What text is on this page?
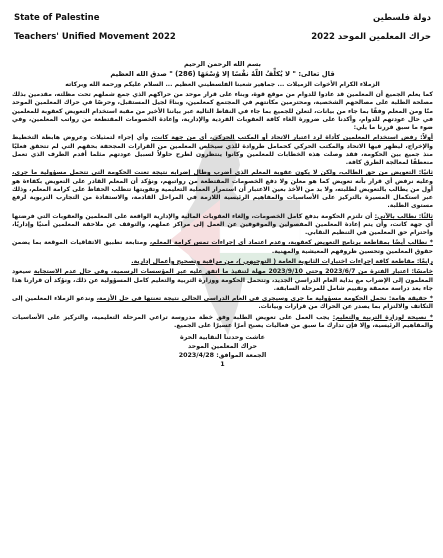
State of Palestine
Teachers' Unified Movement 2022
دولة فلسطين
حراك المعلمين الموحد 2022

بسم الله الرحمن الرحيم

قال تعالى: " لا يُكلِّفُ اللّهُ نفْسًا إلا وُسْعَهَا (286) " صدق الله العظيم

الزملاء الكرام الأخوات الزميلات ... جماهير شعبنا الفلسطيني العظيم ... السلام عليكم ورحمة الله وبركاته

كما يعلم الجميع أن المعلمين قد عادوا للدوام من موقع قوة، وبناء على قرار موحد من حراكهم الذي جمع شملهم تحت مظلته، مقدمين بذلك مصلحة الطلبة على مصالحهم الشخصية، ومحترمين مكانتهم في المجتمع كمعلمين، وبناءً لجيل المستقبل، وحرصًا في حراك المعلمين الموحد منّا ومن المعلم وفقًا بما جاء من بيانات، لتعلن للجميع بما جاء في النقاط التالية عبر بياننا الأخير من مقبة استخدام التعويض كعقوبة للمعلمين في حال عودتهم للدوام، وأكدنا على ضرورة الغاء كافة العقوبات الفردية والإدارية، وإعادة الخصومات المقتطعة من رواتب المعلمين، وفي ضوء ما سبق قررنا ما يلي:

أولاً: رفض استخدام المعلمين كأداة لرد اعتبار الاتحاد أو المكتب الحركي، أي من جهة كانت، وأي إجراء لتمثيلات وعروض هابطة التخطيط والإخراج، ليظهر فيها الاتحاد والمكتب الحركي كحمامل طروادة للذي سيخلص المعلمين من القرارات المجحفة بحقهم التي لم تتحقق فعليًا منذ جميع بين الحكومة، فقد وصلت هذه الخطابات للمعلمين وكانوا ينتظرون لطرح حلولاً لسبيل عودتهم مثلما أقدم الطرف الذي تعمل منعطفًا لمعالجة الطرق كافة.

ثانيًا: التعويض من حق الطالب، ولكن لا يكون عقوبة المعلم الذي أضرب وطال إضرابه نتيجة تعنت الحكومة التي تتحمل مسؤولية ما جرى، وعليه نرفض أي قرار بأنه تعويض كما هو معلن ولا دفع الخصومات المقتطعة من رواتبهم، ونؤكد أن المعلم القادر على التعويض بكفاءة هو أول من يطالب بالتعويض لطلبته، ولا بد من الأخذ بعين الاعتبار أن استمرار العملية التعليمية وتقويتها تتطلب الحفاظ على كرامة المعلم، وذلك عبر استكمال المسيرة بالتركيز على الأساسيات والمفاهيم الرئيسية اللازمة في المراحل القادمة، والاستفادة من التجارب التربوية لرفع مستوى الطلبة.

ثالثًا: نطالب بالآتي: أن تلتزم الحكومة بدفع كامل الخصومات، وإلغاء العقوبات المالية والإدارية الواقعة على المعلمين والعقوبات التي فرضتها أي جهة كانت، وأن يتم إعادة المعلمين المفصولين والموقوفين عن العمل إلى مراكز عملهم، والتوقف عن ملاحقة المعلمين أمنيًا وإداريًا، واحترام حق المعلمين في التنظيم النقابي.

* نطالب أيضًا بمقاطعة برنامج التعويض كعقوبة، وعدم اعتماد أي إجراءات تمس كرامة المعلم، ومتابعة تطبيق الاتفاقيات الموقعة بما يضمن حقوق المعلمين وتحسين ظروفهم المعيشية والمهنية.

رابعًا: مقاطعة كافة إجراءات اختبارات الثانوية العامة ( التوجيهي )، من مراقبة وتصحيح وأعمال إدارية.

خامسًا: اعتبار الفترة من 2023/6/7 وحتى 2023/9/10 مهلة لتنفيذ ما اتفق عليه عبر المؤسسات الرسمية، وفي حال عدم الاستجابة سيعود المعلمون إلى الإضراب مع بداية العام الدراسي الجديد، وتتحمل الحكومة ووزارة التربية والتعليم كامل المسؤولية عن ذلك، ونؤكد أن قرارنا هذا جاء بعد دراسة معمقة وتقييم شامل للمرحلة السابقة.

* حقيقة هامة: نحمل الحكومة مسؤولية ما جرى وسيجري في العام الدراسي الحالي نتيجة تعنتها في حل الأزمة، وندعو الزملاء المعلمين إلى التكاتف والالتزام بما يصدر عن الحراك من قرارات وبيانات.

* نصيحة لوزارة التربية والتعليم: يجب العمل على تعويض الطلبة وفق خطة مدروسة تراعي المرحلة التعليمية، والتركيز على الأساسيات والمفاهيم الرئيسية، وإلا فإن تدارك ما سبق من فعاليات يصبح أمرًا عسيرًا على الجميع.

عاشت وحدتنا النقابية الحرة
حراك المعلمين الموحد
الجمعة الموافق: 2023/4/28
1
